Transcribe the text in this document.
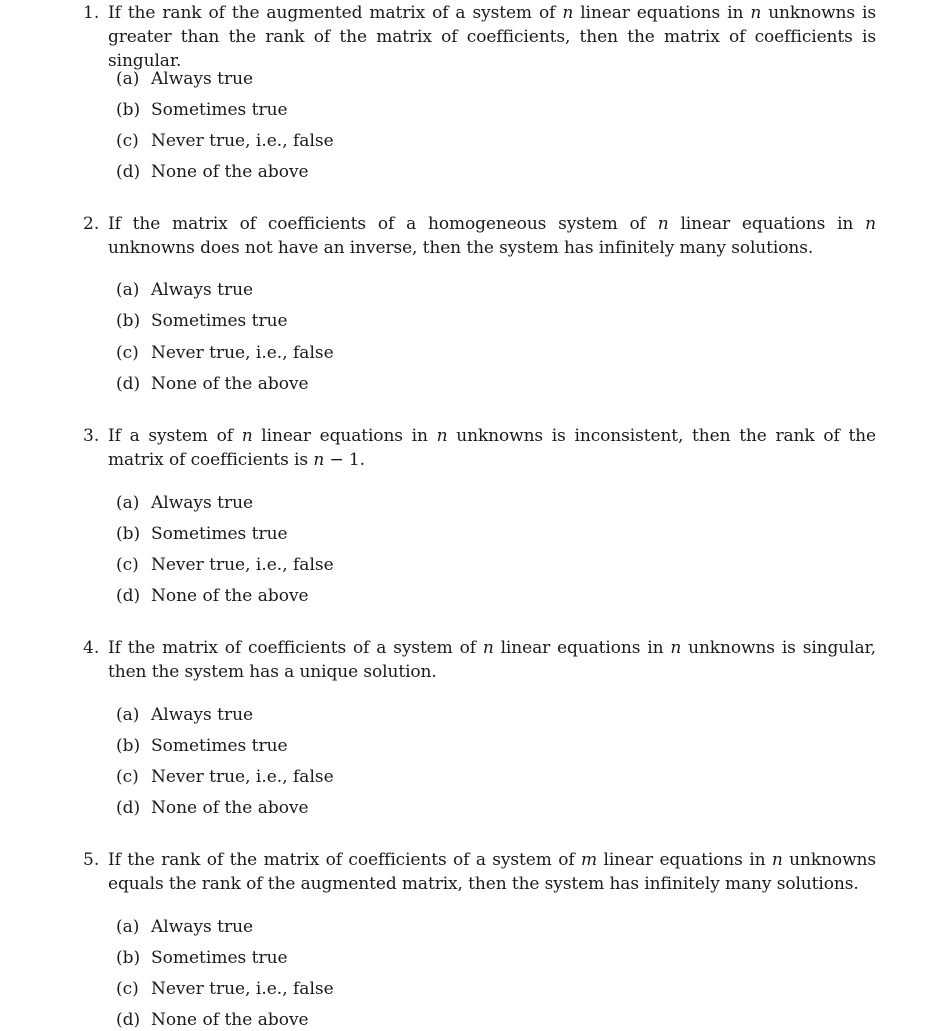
1. If the rank of the augmented matrix of a system of n linear equations in n unknowns is greater than the rank of the matrix of coefficients, then the matrix of coefficients is singular.
(a) Always true
(b) Sometimes true
(c) Never true, i.e., false
(d) None of the above
2. If the matrix of coefficients of a homogeneous system of n linear equations in n unknowns does not have an inverse, then the system has infinitely many solutions.
(a) Always true
(b) Sometimes true
(c) Never true, i.e., false
(d) None of the above
3. If a system of n linear equations in n unknowns is inconsistent, then the rank of the matrix of coefficients is n − 1.
(a) Always true
(b) Sometimes true
(c) Never true, i.e., false
(d) None of the above
4. If the matrix of coefficients of a system of n linear equations in n unknowns is singular, then the system has a unique solution.
(a) Always true
(b) Sometimes true
(c) Never true, i.e., false
(d) None of the above
5. If the rank of the matrix of coefficients of a system of m linear equations in n unknowns equals the rank of the augmented matrix, then the system has infinitely many solutions.
(a) Always true
(b) Sometimes true
(c) Never true, i.e., false
(d) None of the above
